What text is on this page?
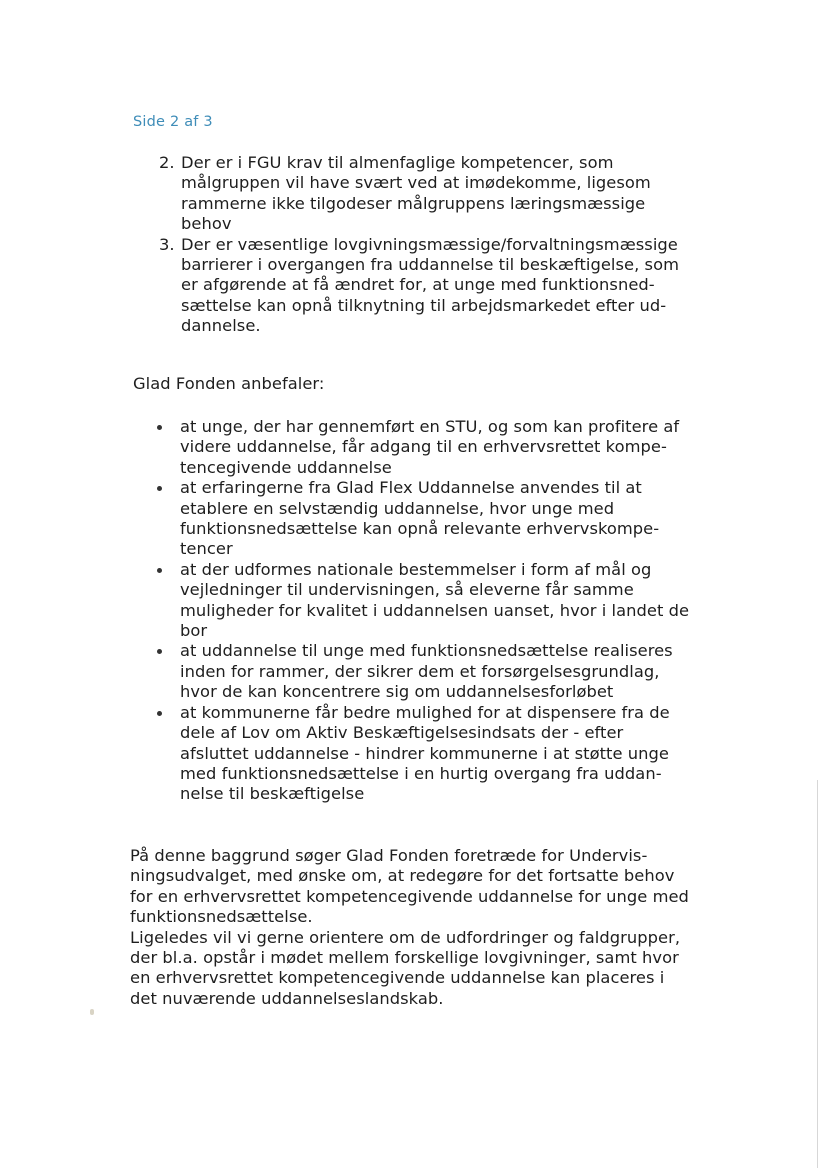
Side 2 af 3
2. Der er i FGU krav til almenfaglige kompetencer, som
målgruppen vil have svært ved at imødekomme, ligesom
rammerne ikke tilgodeser målgruppens læringsmæssige
behov
3. Der er væsentlige lovgivningsmæssige/forvaltningsmæssige
barrierer i overgangen fra uddannelse til beskæftigelse, som
er afgørende at få ændret for, at unge med funktionsned-
sættelse kan opnå tilknytning til arbejdsmarkedet efter ud-
dannelse.
Glad Fonden anbefaler:
at unge, der har gennemført en STU, og som kan profitere af
videre uddannelse, får adgang til en erhvervsrettet kompe-
tencegivende uddannelse
at erfaringerne fra Glad Flex Uddannelse anvendes til at
etablere en selvstændig uddannelse, hvor unge med
funktionsnedsættelse kan opnå relevante erhvervskompe-
tencer
at der udformes nationale bestemmelser i form af mål og
vejledninger til undervisningen, så eleverne får samme
muligheder for kvalitet i uddannelsen uanset, hvor i landet de
bor
at uddannelse til unge med funktionsnedsættelse realiseres
inden for rammer, der sikrer dem et forsørgelsesgrundlag,
hvor de kan koncentrere sig om uddannelsesforløbet
at kommunerne får bedre mulighed for at dispensere fra de
dele af Lov om Aktiv Beskæftigelsesindsats der - efter
afsluttet uddannelse - hindrer kommunerne i at støtte unge
med funktionsnedsættelse i en hurtig overgang fra uddan-
nelse til beskæftigelse

På denne baggrund søger Glad Fonden foretræde for Undervis-
ningsudvalget, med ønske om, at redegøre for det fortsatte behov
for en erhvervsrettet kompetencegivende uddannelse for unge med
funktionsnedsættelse.

Ligeledes vil vi gerne orientere om de udfordringer og faldgrupper,
der bl.a. opstår i mødet mellem forskellige lovgivninger, samt hvor
en erhvervsrettet kompetencegivende uddannelse kan placeres i
det nuværende uddannelseslandskab.
